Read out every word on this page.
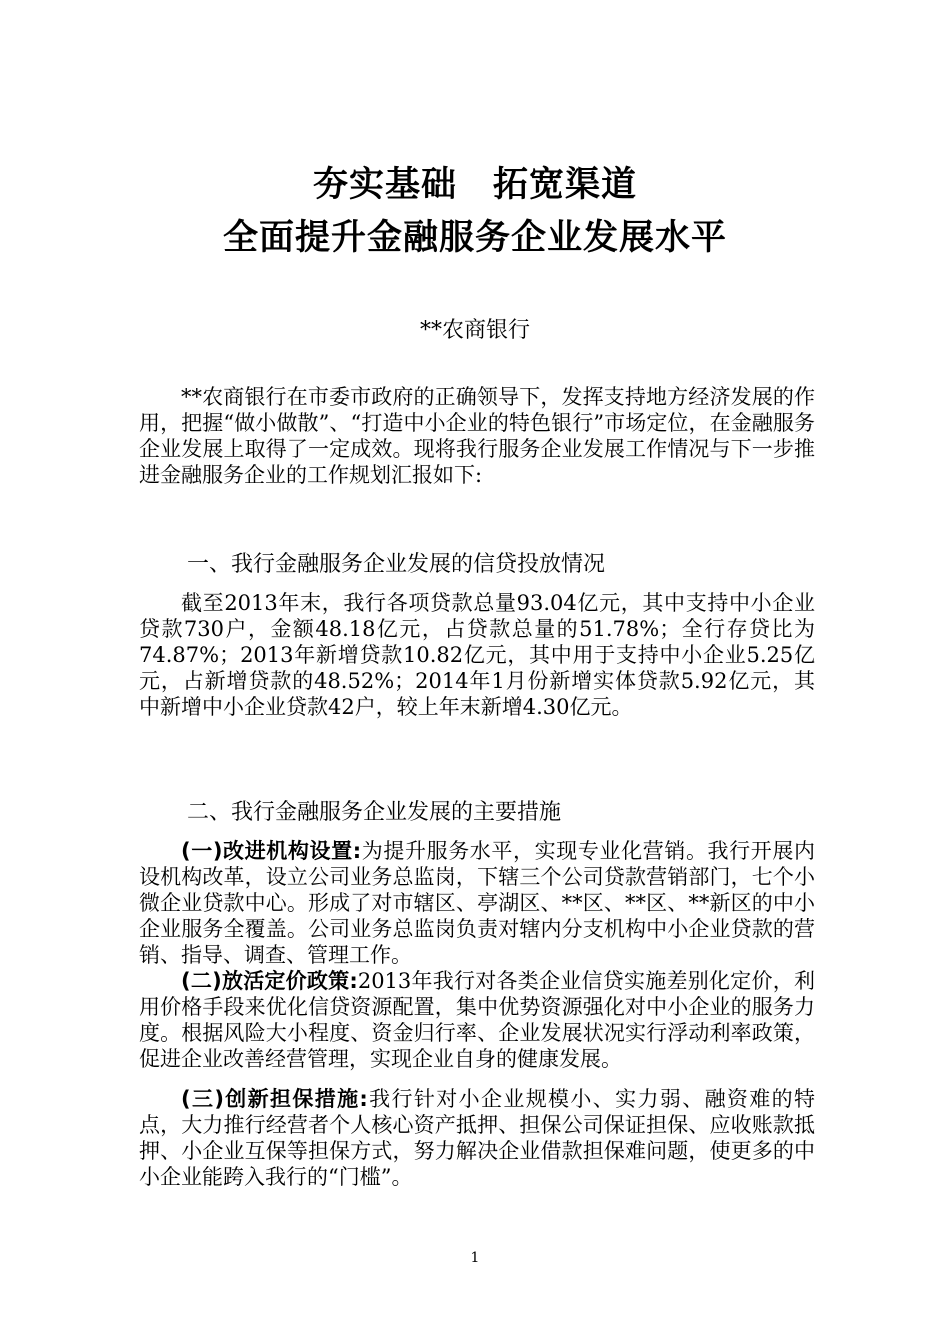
夯实基础　拓宽渠道
全面提升金融服务企业发展水平
**农商银行

**农商银行在市委市政府的正确领导下，发挥支持地方经济发展的作用，把握“做小做散”、“打造中小企业的特色银行”市场定位，在金融服务企业发展上取得了一定成效。现将我行服务企业发展工作情况与下一步推进金融服务企业的工作规划汇报如下:

一、我行金融服务企业发展的信贷投放情况

截至2013年末，我行各项贷款总量93.04亿元，其中支持中小企业贷款730户，金额48.18亿元，占贷款总量的51.78%；全行存贷比为74.87%；2013年新增贷款10.82亿元，其中用于支持中小企业5.25亿元，占新增贷款的48.52%；2014年1月份新增实体贷款5.92亿元，其中新增中小企业贷款42户，较上年末新增4.30亿元。

二、我行金融服务企业发展的主要措施

(一)改进机构设置:为提升服务水平，实现专业化营销。我行开展内设机构改革，设立公司业务总监岗，下辖三个公司贷款营销部门，七个小微企业贷款中心。形成了对市辖区、亭湖区、**区、**区、**新区的中小企业服务全覆盖。公司业务总监岗负责对辖内分支机构中小企业贷款的营销、指导、调查、管理工作。

(二)放活定价政策:2013年我行对各类企业信贷实施差别化定价，利用价格手段来优化信贷资源配置，集中优势资源强化对中小企业的服务力度。根据风险大小程度、资金归行率、企业发展状况实行浮动利率政策，促进企业改善经营管理，实现企业自身的健康发展。

(三)创新担保措施:我行针对小企业规模小、实力弱、融资难的特点，大力推行经营者个人核心资产抵押、担保公司保证担保、应收账款抵押、小企业互保等担保方式，努力解决企业借款担保难问题，使更多的中小企业能跨入我行的“门槛”。

1
